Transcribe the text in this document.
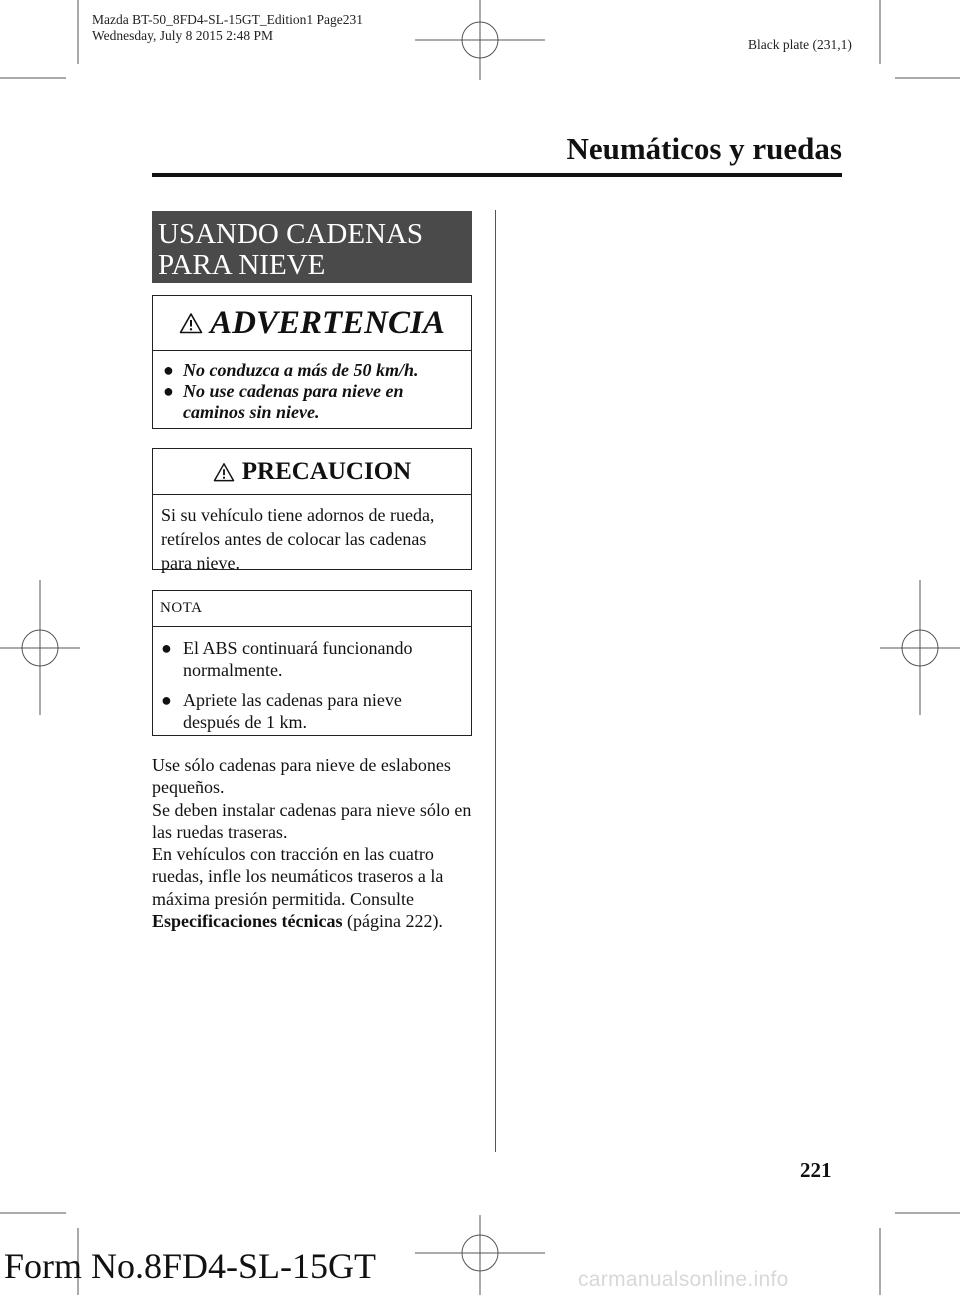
Mazda BT-50_8FD4-SL-15GT_Edition1 Page231
Wednesday, July 8 2015 2:48 PM
Black plate (231,1)
Neumáticos y ruedas
USANDO CADENAS
PARA NIEVE
ADVERTENCIA
● No conduzca a más de 50 km/h.
● No use cadenas para nieve en caminos sin nieve.
PRECAUCION
Si su vehículo tiene adornos de rueda, retírelos antes de colocar las cadenas para nieve.
NOTA
● El ABS continuará funcionando normalmente.
● Apriete las cadenas para nieve después de 1 km.

Use sólo cadenas para nieve de eslabones pequeños.

Se deben instalar cadenas para nieve sólo en las ruedas traseras.

En vehículos con tracción en las cuatro ruedas, infle los neumáticos traseros a la máxima presión permitida. Consulte
Especificaciones técnicas (página 222).

221
Form No.8FD4-SL-15GT	carmanualsonline.info
